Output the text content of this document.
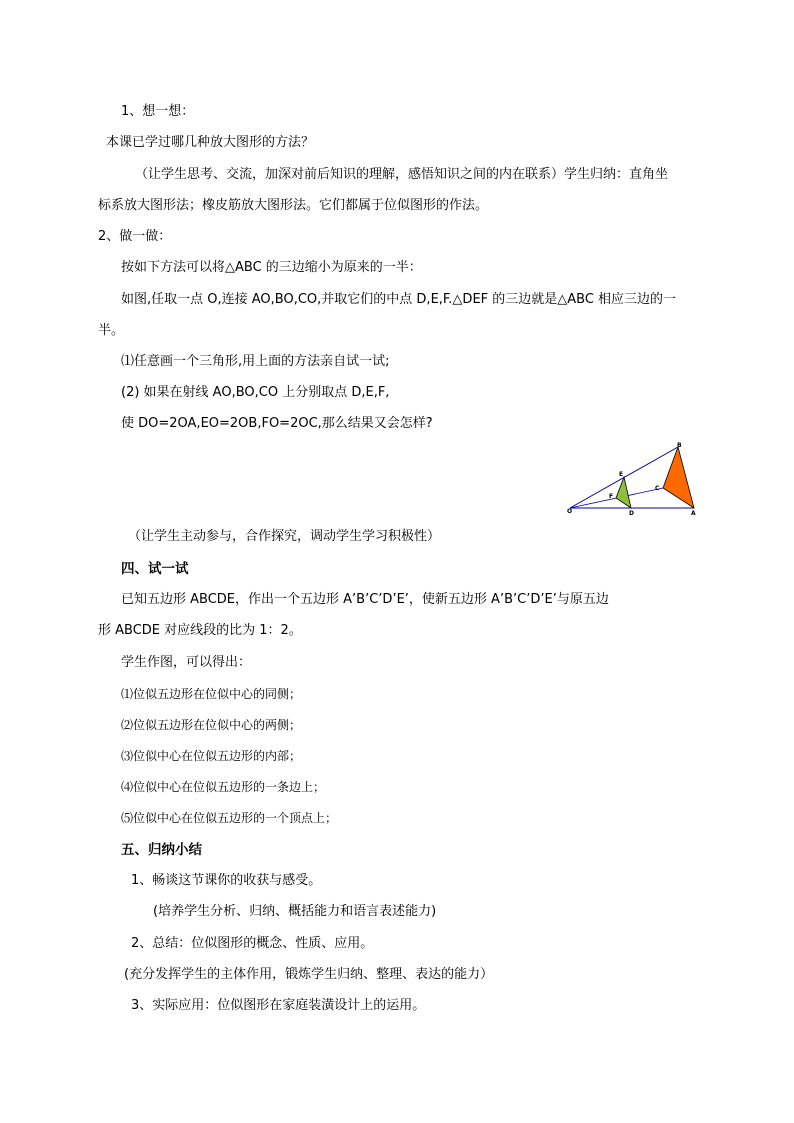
1、想一想：
本课已学过哪几种放大图形的方法？
（让学生思考、交流，加深对前后知识的理解，感悟知识之间的内在联系）学生归纳：直角坐
标系放大图形法；橡皮筋放大图形法。它们都属于位似图形的作法。
2、做一做：
按如下方法可以将△ABC 的三边缩小为原来的一半：
如图,任取一点 O,连接 AO,BO,CO,并取它们的中点 D,E,F.△DEF 的三边就是△ABC 相应三边的一
半。
⑴任意画一个三角形,用上面的方法亲自试一试;
(2) 如果在射线 AO,BO,CO 上分别取点 D,E,F,
使 DO=2OA,EO=2OB,FO=2OC,那么结果又会怎样?
O	D	A
B
C
E
F
（让学生主动参与，合作探究，调动学生学习积极性）
四、试一试
已知五边形 ABCDE，作出一个五边形 A’B’C’D’E’，使新五边形 A’B’C’D’E’与原五边
形 ABCDE 对应线段的比为 1：2。
学生作图，可以得出：
⑴位似五边形在位似中心的同侧；
⑵位似五边形在位似中心的两侧；
⑶位似中心在位似五边形的内部；
⑷位似中心在位似五边形的一条边上；
⑸位似中心在位似五边形的一个顶点上；
五、归纳小结
1、畅谈这节课你的收获与感受。
(培养学生分析、归纳、概括能力和语言表述能力)
2、总结：位似图形的概念、性质、应用。
(充分发挥学生的主体作用，锻炼学生归纳、整理、表达的能力）
3、实际应用：位似图形在家庭装潢设计上的运用。
